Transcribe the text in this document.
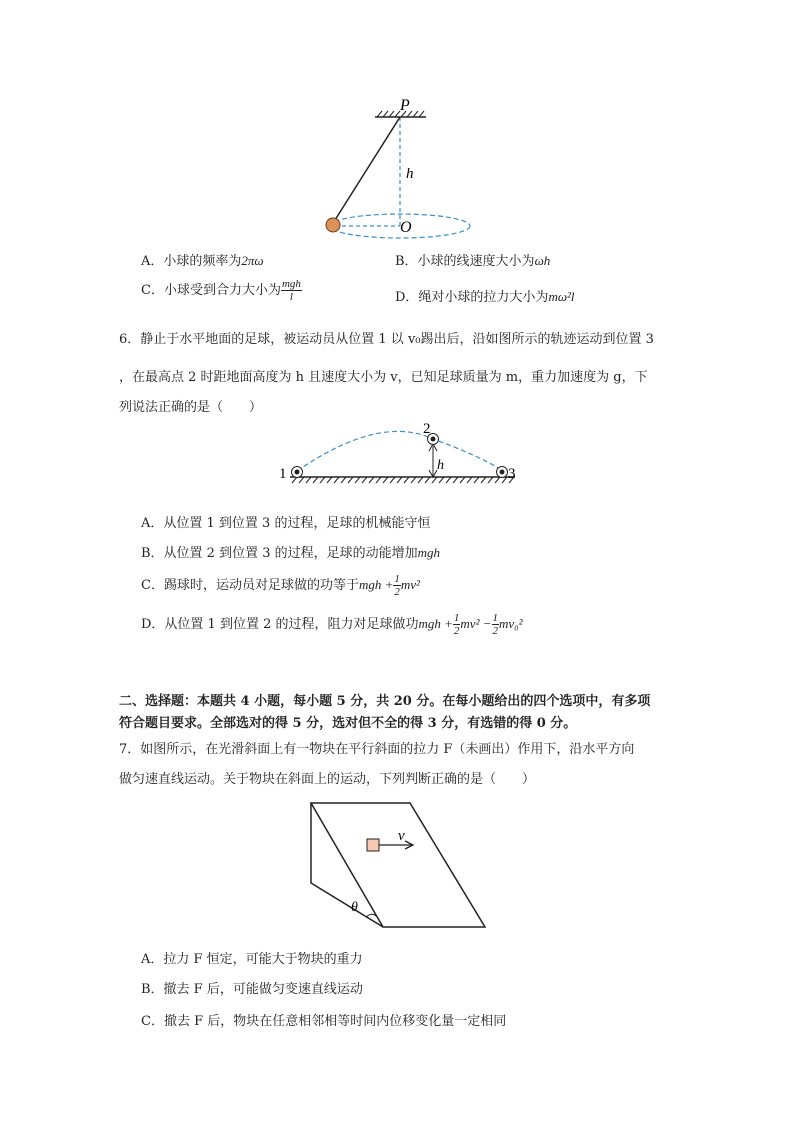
P
h
O
A．小球的频率为2πω	B．小球的线速度大小为ωh
C．小球受到合力大小为 $\frac{\text{mgh}}{l}$	D．绳对小球的拉力大小为mω²l
6．静止于水平地面的足球，被运动员从位置 1 以 v₀踢出后，沿如图所示的轨迹运动到位置 3
，在最高点 2 时距地面高度为 h 且速度大小为 v，已知足球质量为 m，重力加速度为 g，下
列说法正确的是（　　）
h
1
2
3
A．从位置 1 到位置 3 的过程，足球的机械能守恒
B．从位置 2 到位置 3 的过程，足球的动能增加mgh
C．踢球时，运动员对足球做的功等于mgh + $\frac{1}{2} mv^2$
D．从位置 1 到位置 2 的过程，阻力对足球做功mgh + $\frac{1}{2} mv^2 - \frac{1}{2} mv_0^2$
二、选择题：本题共 4 小题，每小题 5 分，共 20 分。在每小题给出的四个选项中，有多项
符合题目要求。全部选对的得 5 分，选对但不全的得 3 分，有选错的得 0 分。
7．如图所示，在光滑斜面上有一物块在平行斜面的拉力 F（未画出）作用下，沿水平方向
做匀速直线运动。关于物块在斜面上的运动，下列判断正确的是（　　）
θ
v
A．拉力 F 恒定，可能大于物块的重力
B．撤去 F 后，可能做匀变速直线运动
C．撤去 F 后，物块在任意相邻相等时间内位移变化量一定相同
